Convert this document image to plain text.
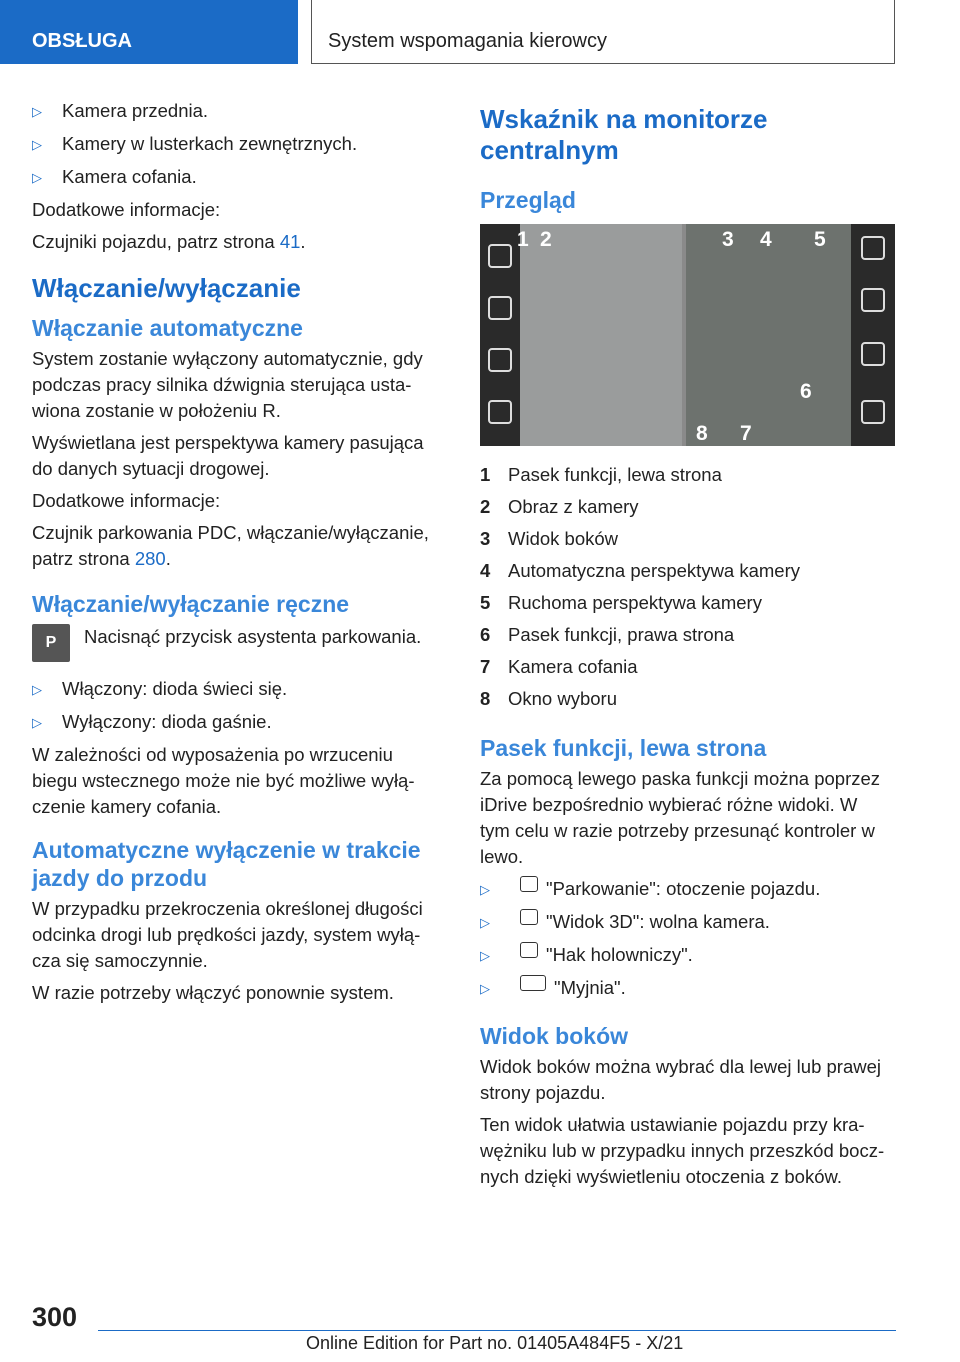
OBSŁUGA	System wspomagania kierowcy
▷	Kamera przednia.
▷	Kamery w lusterkach zewnętrznych.
▷	Kamera cofania.

Dodatkowe informacje:

Czujniki pojazdu, patrz strona 41.

Włączanie/wyłączanie
Włączanie automatyczne

System zostanie wyłączony automatycznie, gdy podczas pracy silnika dźwignia sterująca usta- wiona zostanie w położeniu R.

Wyświetlana jest perspektywa kamery pasująca do danych sytuacji drogowej.

Dodatkowe informacje:

Czujnik parkowania PDC, włączanie/wyłączanie, patrz strona 280.

Włączanie/wyłączanie ręczne
P	Nacisnąć przycisk asystenta parkowania.

▷	Włączony: dioda świeci się.
▷	Wyłączony: dioda gaśnie.

W zależności od wyposażenia po wrzuceniu biegu wstecznego może nie być możliwe wyłą- czenie kamery cofania.

Automatyczne wyłączenie w trakcie jazdy do przodu

W przypadku przekroczenia określonej długości odcinka drogi lub prędkości jazdy, system wyłą- cza się samoczynnie.

W razie potrzeby włączyć ponownie system.

Wskaźnik na monitorze centralnym
Przegląd
1 2	3 4 5
6
7
8
1 Pasek funkcji, lewa strona
2 Obraz z kamery
3 Widok boków
4 Automatyczna perspektywa kamery
5 Ruchoma perspektywa kamery
6 Pasek funkcji, prawa strona
7 Kamera cofania
8 Okno wyboru
Pasek funkcji, lewa strona

Za pomocą lewego paska funkcji można poprzez iDrive bezpośrednio wybierać różne widoki. W tym celu w razie potrzeby przesunąć kontroler w lewo.

▷	"Parkowanie": otoczenie pojazdu.
▷	"Widok 3D": wolna kamera.
▷	"Hak holowniczy".
▷	"Myjnia".
Widok boków

Widok boków można wybrać dla lewej lub prawej strony pojazdu.

Ten widok ułatwia ustawianie pojazdu przy kra- wężniku lub w przypadku innych przeszkód bocz- nych dzięki wyświetleniu otoczenia z boków.

300
Online Edition for Part no. 01405A484F5 - X/21
